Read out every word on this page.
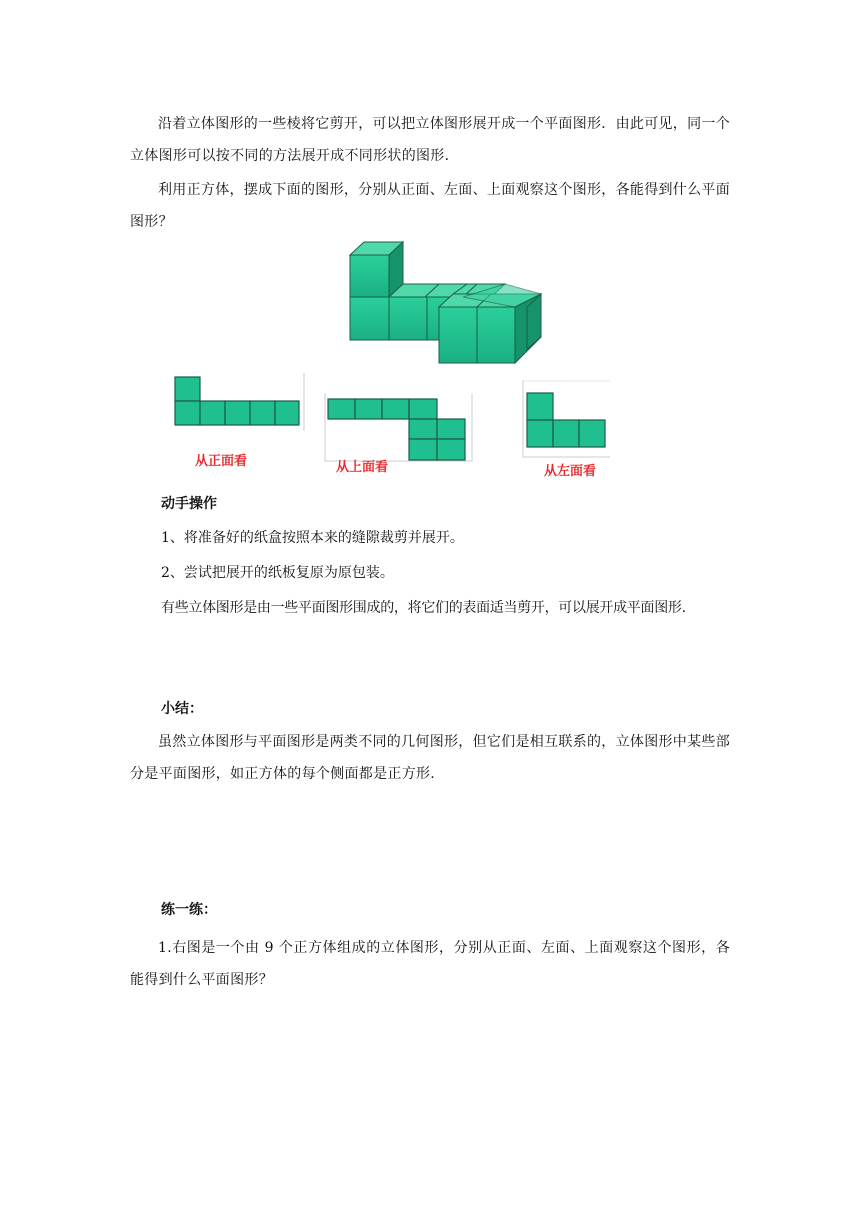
沿着立体图形的一些棱将它剪开，可以把立体图形展开成一个平面图形．由此可见，同一个立体图形可以按不同的方法展开成不同形状的图形．

利用正方体，摆成下面的图形，分别从正面、左面、上面观察这个图形，各能得到什么平面图形？

从正面看	从上面看	从左面看

动手操作

1、将准备好的纸盒按照本来的缝隙裁剪并展开。

2、尝试把展开的纸板复原为原包装。

有些立体图形是由一些平面图形围成的，将它们的表面适当剪开，可以展开成平面图形.

小结：

虽然立体图形与平面图形是两类不同的几何图形，但它们是相互联系的，立体图形中某些部分是平面图形，如正方体的每个侧面都是正方形.

练一练：

1.右图是一个由 9 个正方体组成的立体图形，分别从正面、左面、上面观察这个图形，各能得到什么平面图形？
